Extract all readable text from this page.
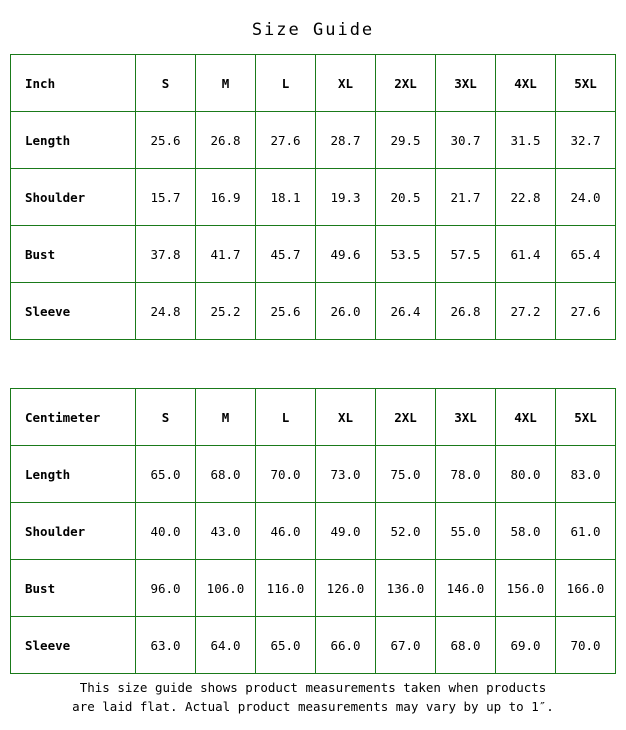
Size Guide
Inch	S	M	L	XL	2XL	3XL	4XL	5XL
Length	25.6	26.8	27.6	28.7	29.5	30.7	31.5	32.7
Shoulder	15.7	16.9	18.1	19.3	20.5	21.7	22.8	24.0
Bust	37.8	41.7	45.7	49.6	53.5	57.5	61.4	65.4
Sleeve	24.8	25.2	25.6	26.0	26.4	26.8	27.2	27.6
Centimeter	S	M	L	XL	2XL	3XL	4XL	5XL
Length	65.0	68.0	70.0	73.0	75.0	78.0	80.0	83.0
Shoulder	40.0	43.0	46.0	49.0	52.0	55.0	58.0	61.0
Bust	96.0	106.0	116.0	126.0	136.0	146.0	156.0	166.0
Sleeve	63.0	64.0	65.0	66.0	67.0	68.0	69.0	70.0
This size guide shows product measurements taken when products
are laid flat. Actual product measurements may vary by up to 1″.
